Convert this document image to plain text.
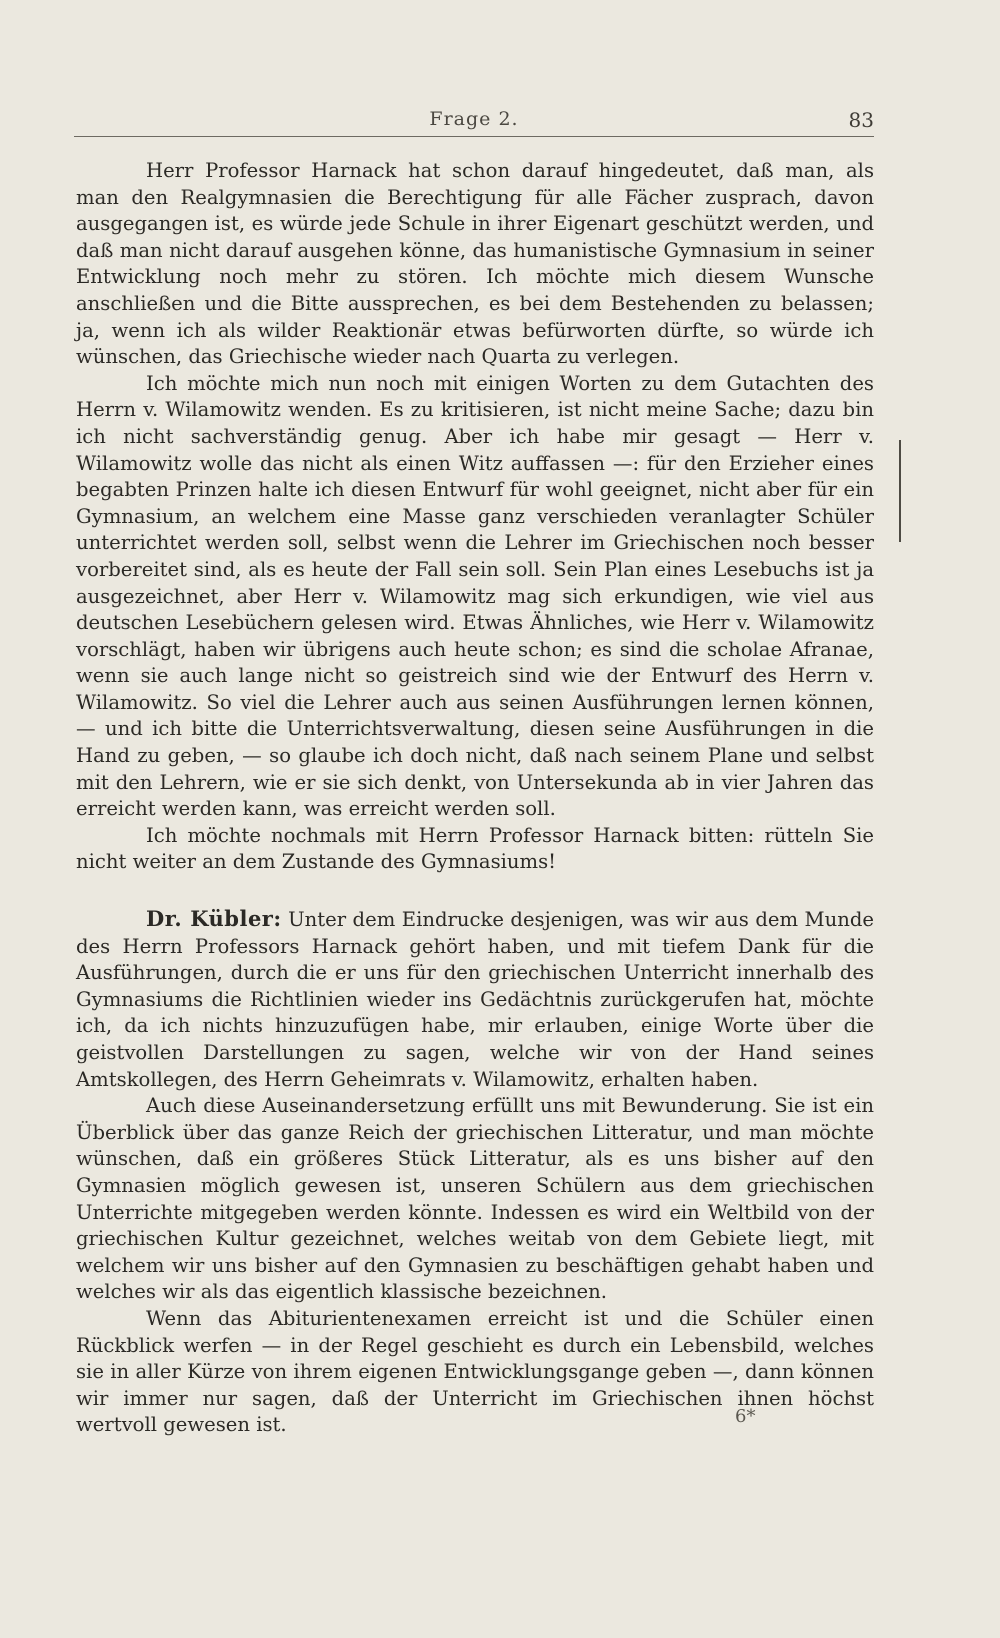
Frage 2.	83

Herr Professor Harnack hat schon darauf hingedeutet, daß man, als man den Realgymnasien die Berechtigung für alle Fächer zusprach, davon ausgegangen ist, es würde jede Schule in ihrer Eigenart geschützt werden, und daß man nicht darauf ausgehen könne, das humanistische Gymnasium in seiner Entwicklung noch mehr zu stören. Ich möchte mich diesem Wunsche anschließen und die Bitte aussprechen, es bei dem Bestehenden zu belassen; ja, wenn ich als wilder Reaktionär etwas befürworten dürfte, so würde ich wünschen, das Griechische wieder nach Quarta zu verlegen.

Ich möchte mich nun noch mit einigen Worten zu dem Gutachten des Herrn v. Wilamowitz wenden. Es zu kritisieren, ist nicht meine Sache; dazu bin ich nicht sachverständig genug. Aber ich habe mir gesagt — Herr v. Wilamowitz wolle das nicht als einen Witz auffassen —: für den Erzieher eines begabten Prinzen halte ich diesen Entwurf für wohl geeignet, nicht aber für ein Gymnasium, an welchem eine Masse ganz verschieden veranlagter Schüler unterrichtet werden soll, selbst wenn die Lehrer im Griechischen noch besser vorbereitet sind, als es heute der Fall sein soll. Sein Plan eines Lesebuchs ist ja ausgezeichnet, aber Herr v. Wilamowitz mag sich erkundigen, wie viel aus deutschen Lesebüchern gelesen wird. Etwas Ähnliches, wie Herr v. Wilamowitz vorschlägt, haben wir übrigens auch heute schon; es sind die scholae Afranae, wenn sie auch lange nicht so geistreich sind wie der Entwurf des Herrn v. Wilamowitz. So viel die Lehrer auch aus seinen Ausführungen lernen können, — und ich bitte die Unterrichtsverwaltung, diesen seine Ausführungen in die Hand zu geben, — so glaube ich doch nicht, daß nach seinem Plane und selbst mit den Lehrern, wie er sie sich denkt, von Untersekunda ab in vier Jahren das erreicht werden kann, was erreicht werden soll.

Ich möchte nochmals mit Herrn Professor Harnack bitten: rütteln Sie nicht weiter an dem Zustande des Gymnasiums!

Dr. Kübler: Unter dem Eindrucke desjenigen, was wir aus dem Munde des Herrn Professors Harnack gehört haben, und mit tiefem Dank für die Ausführungen, durch die er uns für den griechischen Unterricht innerhalb des Gymnasiums die Richtlinien wieder ins Gedächtnis zurückgerufen hat, möchte ich, da ich nichts hinzuzufügen habe, mir erlauben, einige Worte über die geistvollen Darstellungen zu sagen, welche wir von der Hand seines Amtskollegen, des Herrn Geheimrats v. Wilamowitz, erhalten haben.

Auch diese Auseinandersetzung erfüllt uns mit Bewunderung. Sie ist ein Überblick über das ganze Reich der griechischen Litteratur, und man möchte wünschen, daß ein größeres Stück Litteratur, als es uns bisher auf den Gymnasien möglich gewesen ist, unseren Schülern aus dem griechischen Unterrichte mitgegeben werden könnte. Indessen es wird ein Weltbild von der griechischen Kultur gezeichnet, welches weitab von dem Gebiete liegt, mit welchem wir uns bisher auf den Gymnasien zu beschäftigen gehabt haben und welches wir als das eigentlich klassische bezeichnen.

Wenn das Abiturientenexamen erreicht ist und die Schüler einen Rückblick werfen — in der Regel geschieht es durch ein Lebensbild, welches sie in aller Kürze von ihrem eigenen Entwicklungsgange geben —, dann können wir immer nur sagen, daß der Unterricht im Griechischen ihnen höchst wertvoll gewesen ist.	6*
